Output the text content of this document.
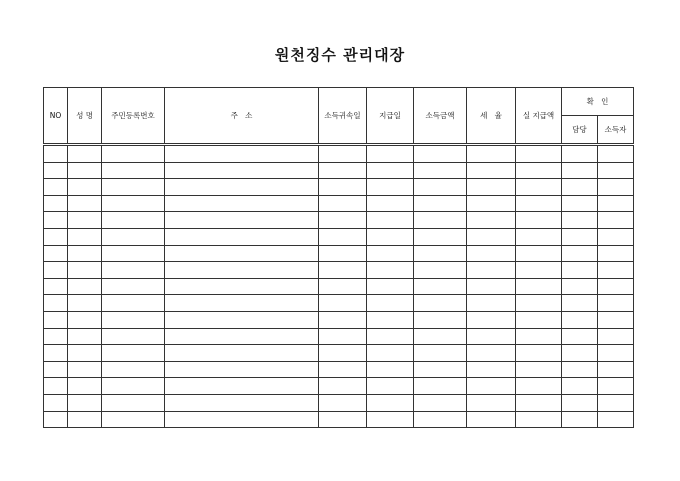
원천징수 관리대장
NO	성 명	주민등록번호	주   소	소득귀속일	지급일	소득금액	세   율	실 지급액	확   인	
									담당	소득자
